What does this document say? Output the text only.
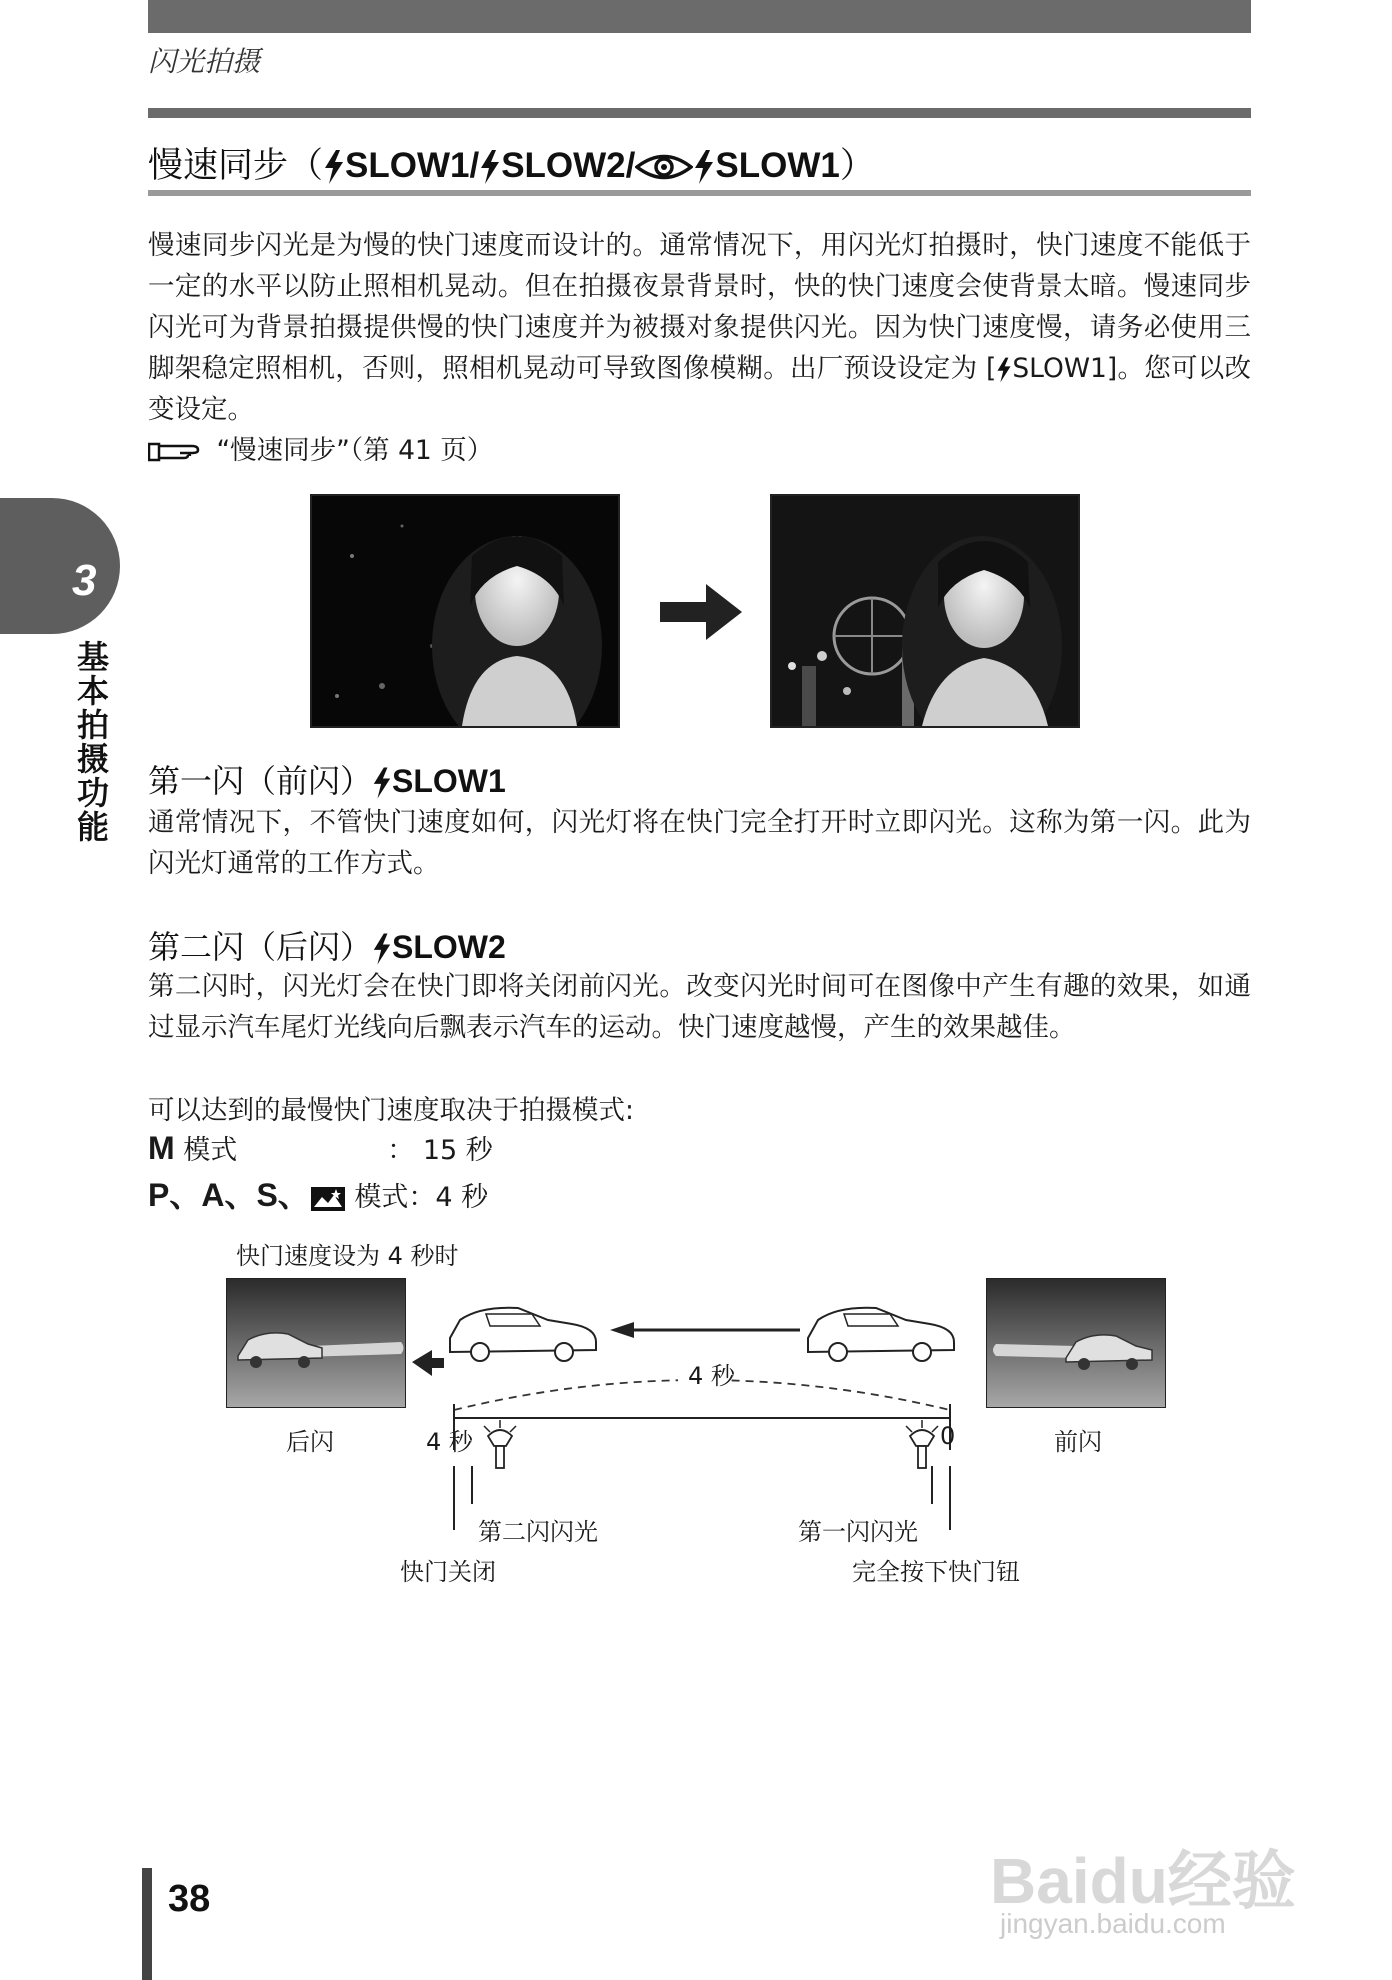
闪光拍摄
慢速同步（ SLOW1/ SLOW2/ SLOW1）
慢速同步闪光是为慢的快门速度而设计的。通常情况下，用闪光灯拍摄时，快门速度不能低于一定的水平以防止照相机晃动。但在拍摄夜景背景时，快的快门速度会使背景太暗。慢速同步闪光可为背景拍摄提供慢的快门速度并为被摄对象提供闪光。因为快门速度慢，请务必使用三脚架稳定照相机，否则，照相机晃动可导致图像模糊。出厂预设设定为 [ SLOW1]。您可以改变设定。
“慢速同步”（第 41 页）
3
基本拍摄功能 第一闪（前闪） SLOW1
通常情况下，不管快门速度如何，闪光灯将在快门完全打开时立即闪光。这称为第一闪。此为闪光灯通常的工作方式。
第二闪（后闪） SLOW2
第二闪时，闪光灯会在快门即将关闭前闪光。改变闪光时间可在图像中产生有趣的效果，如通过显示汽车尾灯光线向后飘表示汽车的运动。快门速度越慢，产生的效果越佳。
可以达到的最慢快门速度取决于拍摄模式:
M 模式	： 15 秒
P、A、S、 模式：4 秒
快门速度设为 4 秒时
4 秒
后闪	前闪
4 秒	0
第二闪闪光	第一闪闪光
快门关闭	完全按下快门钮
38	Baidu经验
jingyan.baidu.com
